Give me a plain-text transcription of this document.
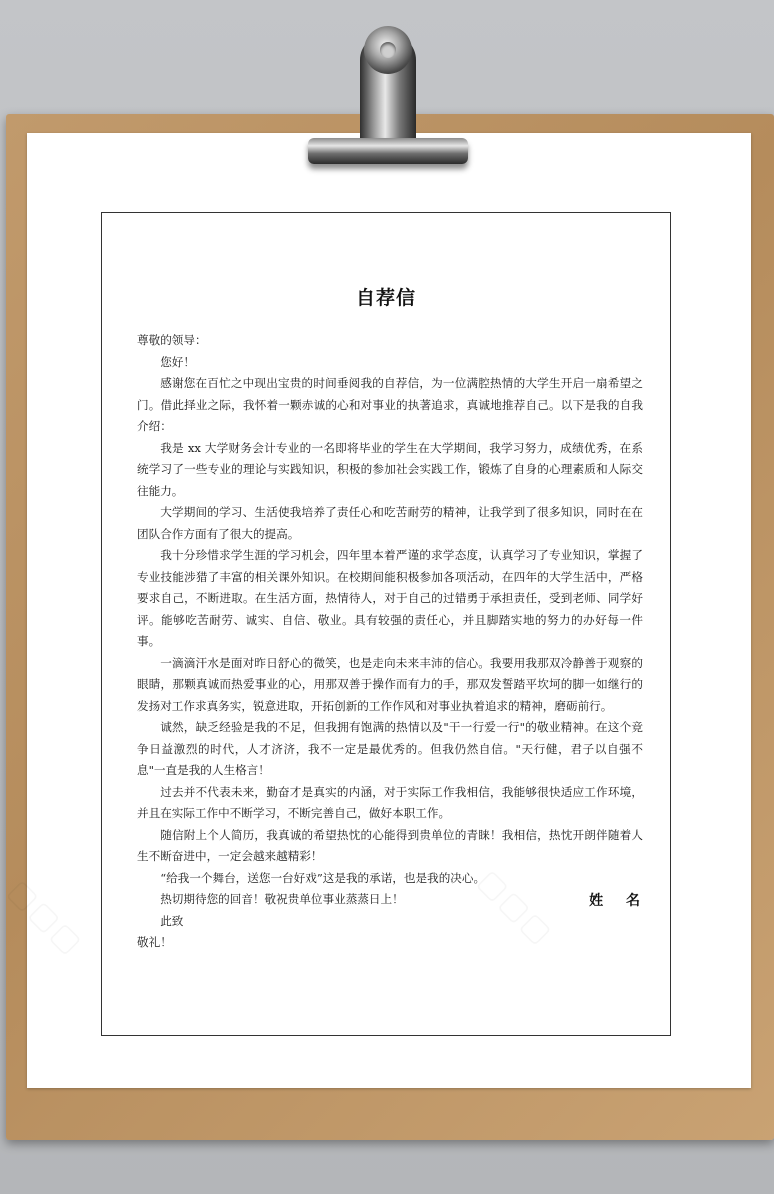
自荐信

尊敬的领导：

您好！

感谢您在百忙之中现出宝贵的时间垂阅我的自荐信，为一位满腔热情的大学生开启一扇希望之门。借此择业之际，我怀着一颗赤诚的心和对事业的执著追求，真诚地推荐自己。以下是我的自我介绍：

我是 xx 大学财务会计专业的一名即将毕业的学生在大学期间，我学习努力，成绩优秀，在系统学习了一些专业的理论与实践知识，积极的参加社会实践工作，锻炼了自身的心理素质和人际交往能力。

大学期间的学习、生活使我培养了责任心和吃苦耐劳的精神，让我学到了很多知识，同时在在团队合作方面有了很大的提高。

我十分珍惜求学生涯的学习机会，四年里本着严谨的求学态度，认真学习了专业知识，掌握了专业技能涉猎了丰富的相关课外知识。在校期间能积极参加各项活动，在四年的大学生活中，严格要求自己，不断进取。在生活方面，热情待人，对于自己的过错勇于承担责任，受到老师、同学好评。能够吃苦耐劳、诚实、自信、敬业。具有较强的责任心，并且脚踏实地的努力的办好每一件事。

一滴滴汗水是面对昨日舒心的微笑，也是走向未来丰沛的信心。我要用我那双冷静善于观察的眼睛，那颗真诚而热爱事业的心，用那双善于操作而有力的手，那双发誓踏平坎坷的脚一如继行的发扬对工作求真务实，锐意进取，开拓创新的工作作风和对事业执着追求的精神，磨砺前行。

诚然，缺乏经验是我的不足，但我拥有饱满的热情以及"干一行爱一行"的敬业精神。在这个竞争日益激烈的时代，人才济济，我不一定是最优秀的。但我仍然自信。"天行健，君子以自强不息"一直是我的人生格言！

过去并不代表未来，勤奋才是真实的内涵，对于实际工作我相信，我能够很快适应工作环境，并且在实际工作中不断学习，不断完善自己，做好本职工作。

随信附上个人简历，我真诚的希望热忱的心能得到贵单位的青睐！我相信，热忱开朗伴随着人生不断奋进中，一定会越来越精彩！

“给我一个舞台，送您一台好戏”这是我的承诺，也是我的决心。

热切期待您的回音！敬祝贵单位事业蒸蒸日上！

此致

敬礼！

姓 名
